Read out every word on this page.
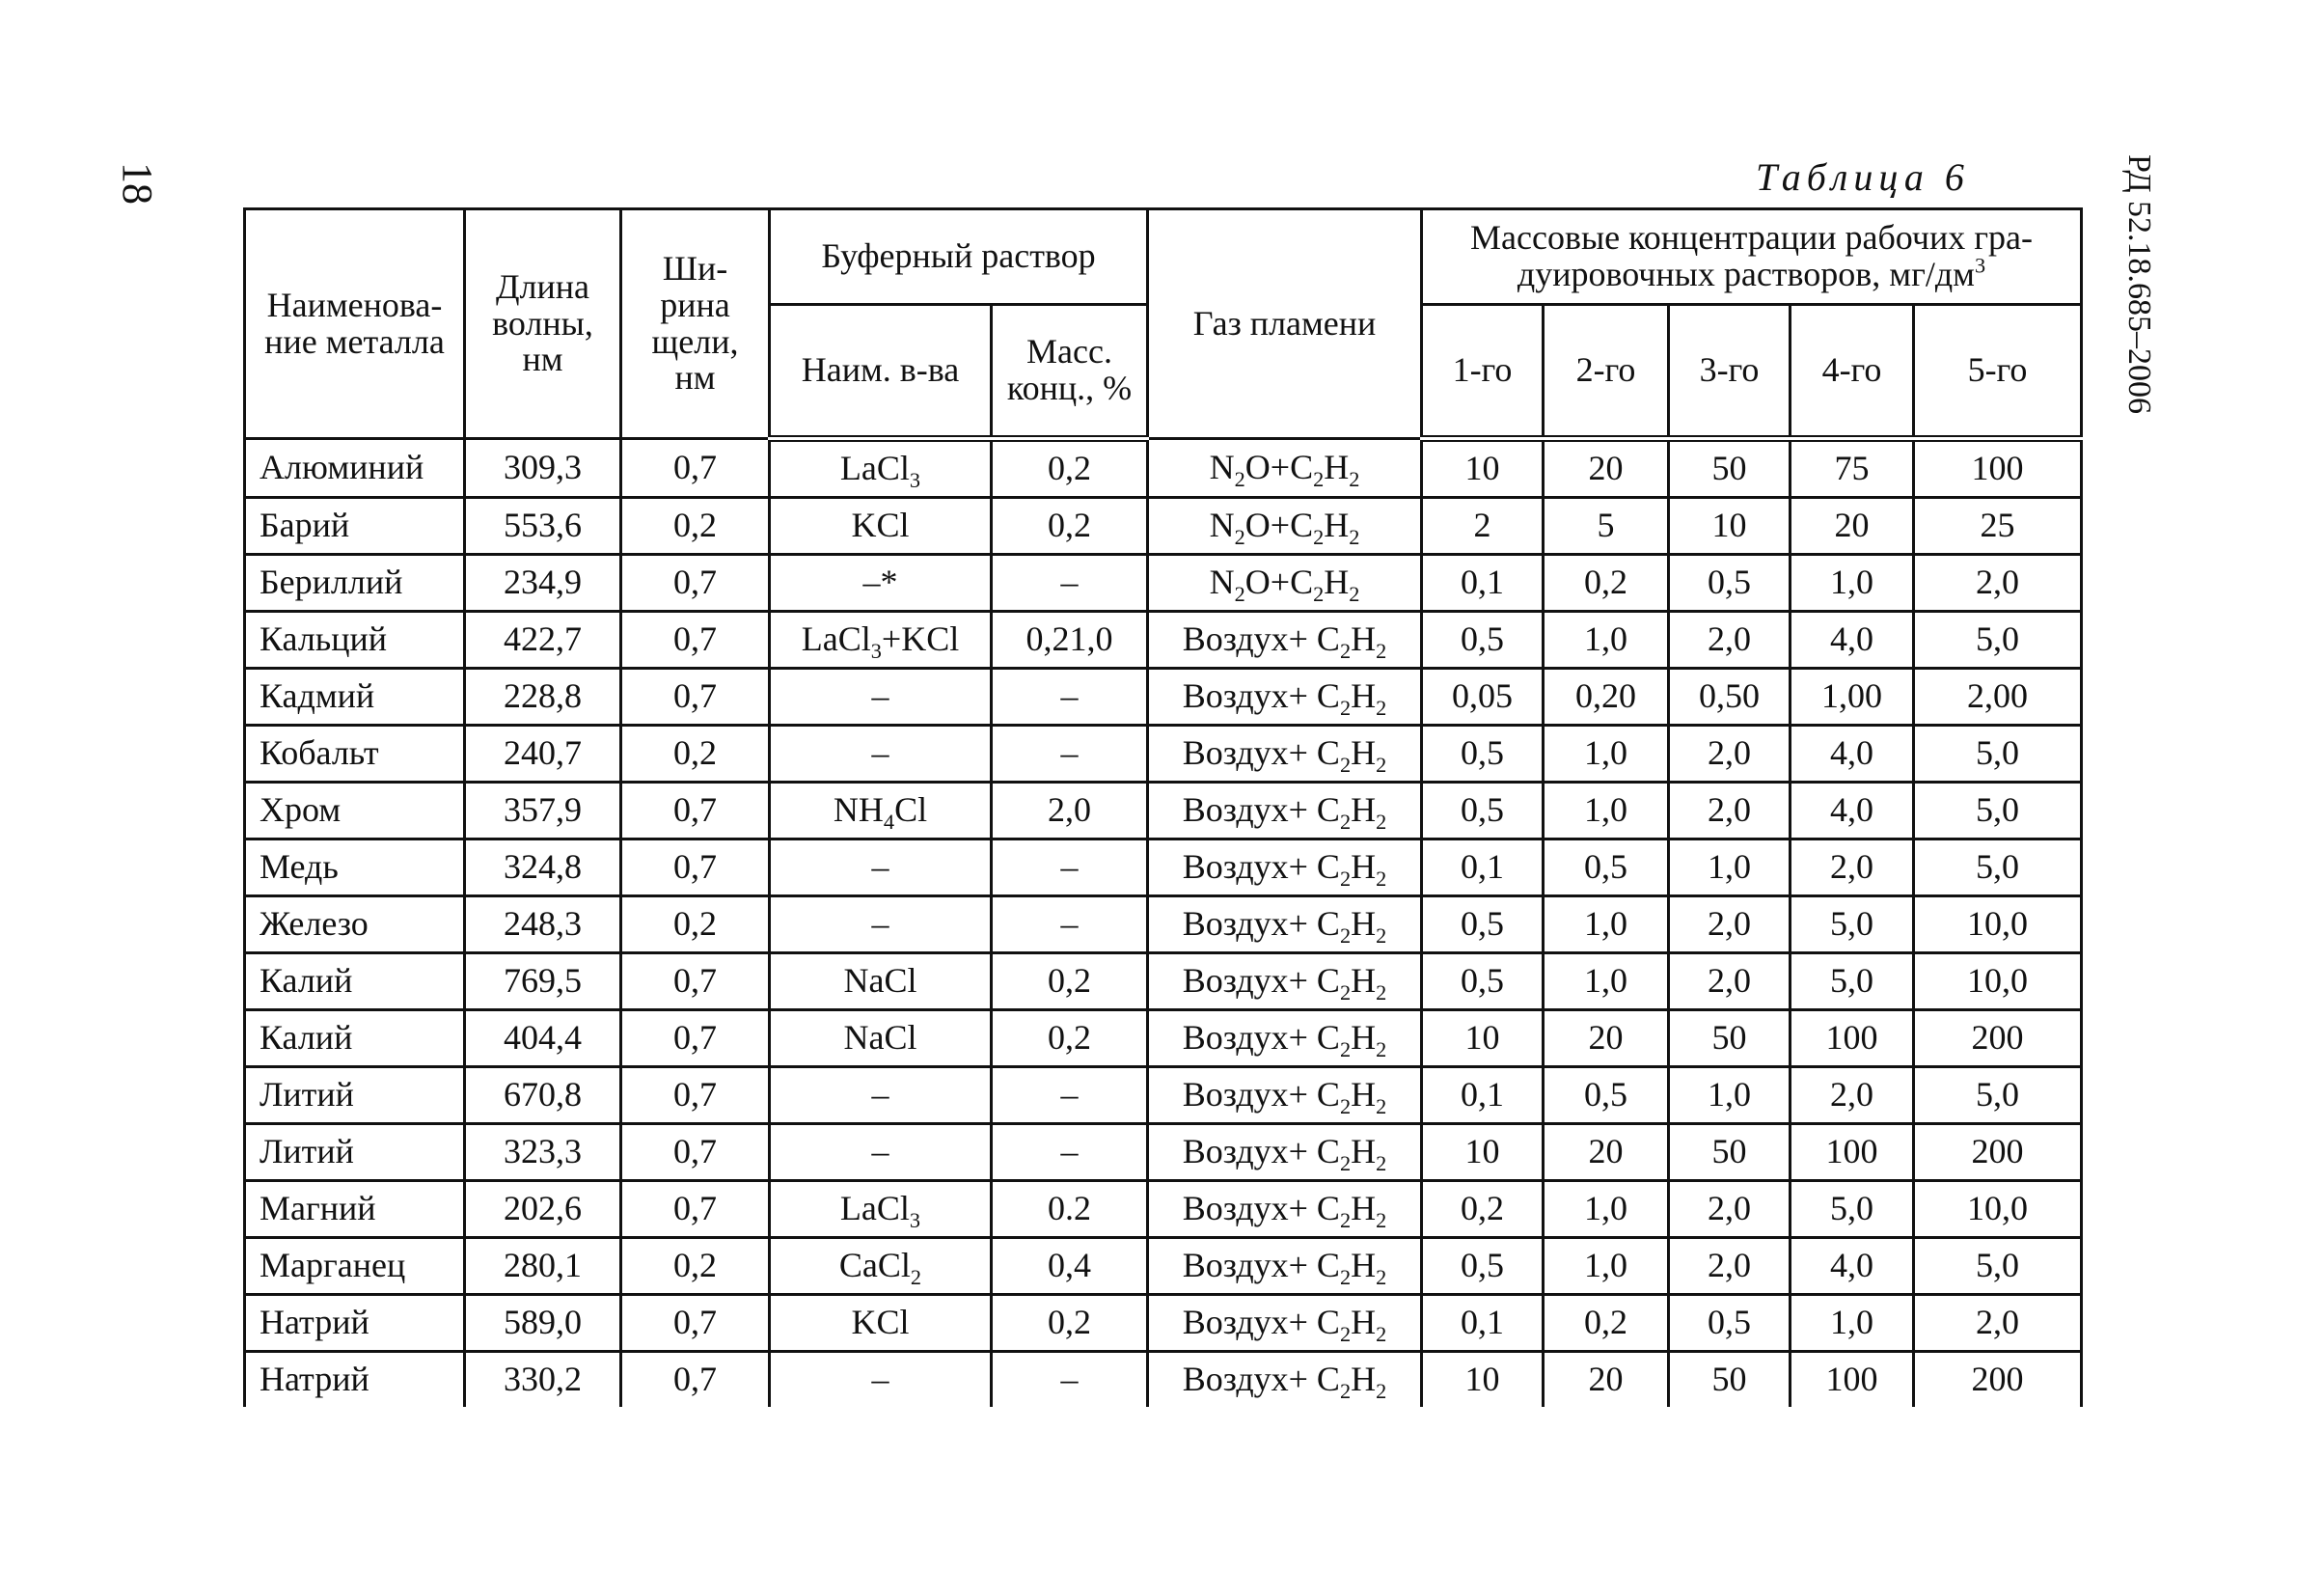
18	РД 52.18.685–2006
Таблица 6
Наименова- ние металла	Длина волны, нм	Ши- рина щели, нм	Буферный раствор		Газ пламени	Массовые концентрации рабочих гра- дуировочных растворов, $мг/дм^3$
			Наим. в-ва	Масс. конц., %		1-го	2-го	3-го	4-го	5-го
Алюминий	309,3	0,7	LaCl$_3$	0,2	$N_2O+C_2H_2$	10	20	50	75	100
Барий	553,6	0,2	KCl	0,2	$N_2O+C_2H_2$	2	5	10	20	25
Бериллий	234,9	0,7	–*	–	$N_2O+C_2H_2$	0,1	0,2	0,5	1,0	2,0
Кальций	422,7	0,7	LaCl$_3$+KCl	0,21,0	Воздух+ $C_2H_2$	0,5	1,0	2,0	4,0	5,0
Кадмий	228,8	0,7	–	–	Воздух+ $C_2H_2$	0,05	0,20	0,50	1,00	2,00
Кобальт	240,7	0,2	–	–	Воздух+ $C_2H_2$	0,5	1,0	2,0	4,0	5,0
Хром	357,9	0,7	$NH_4Cl$	2,0	Воздух+ $C_2H_2$	0,5	1,0	2,0	4,0	5,0
Медь	324,8	0,7	–	–	Воздух+ $C_2H_2$	0,1	0,5	1,0	2,0	5,0
Железо	248,3	0,2	–	–	Воздух+ $C_2H_2$	0,5	1,0	2,0	5,0	10,0
Калий	769,5	0,7	NaCl	0,2	Воздух+ $C_2H_2$	0,5	1,0	2,0	5,0	10,0
Калий	404,4	0,7	NaCl	0,2	Воздух+ $C_2H_2$	10	20	50	100	200
Литий	670,8	0,7	–	–	Воздух+ $C_2H_2$	0,1	0,5	1,0	2,0	5,0
Литий	323,3	0,7	–	–	Воздух+ $C_2H_2$	10	20	50	100	200
Магний	202,6	0,7	LaCl$_3$	0.2	Воздух+ $C_2H_2$	0,2	1,0	2,0	5,0	10,0
Марганец	280,1	0,2	CaCl$_2$	0,4	Воздух+ $C_2H_2$	0,5	1,0	2,0	4,0	5,0
Натрий	589,0	0,7	KCl	0,2	Воздух+ $C_2H_2$	0,1	0,2	0,5	1,0	2,0
Натрий	330,2	0,7	–	–	Воздух+ $C_2H_2$	10	20	50	100	200
